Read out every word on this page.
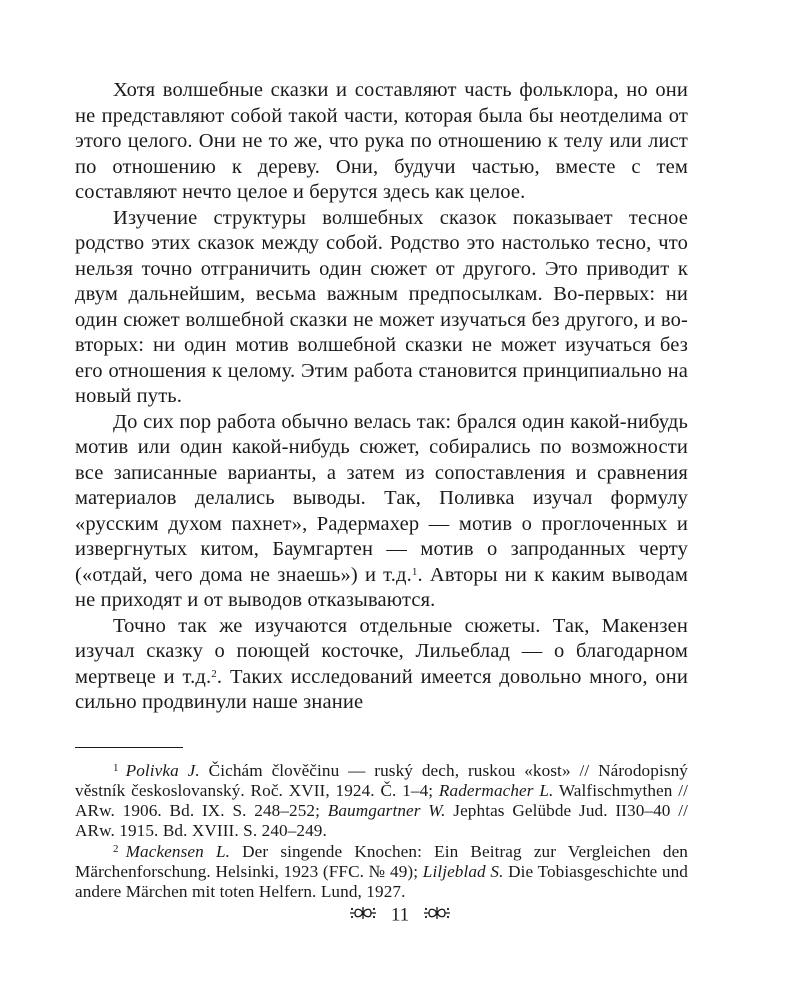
Хотя волшебные сказки и составляют часть фольклора, но они не представляют собой такой части, которая была бы неотделима от этого целого. Они не то же, что рука по отношению к телу или лист по отношению к дереву. Они, будучи частью, вместе с тем составляют нечто целое и берутся здесь как целое.

Изучение структуры волшебных сказок показывает тесное родство этих сказок между собой. Родство это настолько тесно, что нельзя точно отграничить один сюжет от другого. Это приводит к двум дальнейшим, весьма важным предпосылкам. Во-первых: ни один сюжет волшебной сказки не может изучаться без другого, и во-вторых: ни один мотив волшебной сказки не может изучаться без его отношения к целому. Этим работа становится принципиально на новый путь.

До сих пор работа обычно велась так: брался один какой-нибудь мотив или один какой-нибудь сюжет, собирались по возможности все записанные варианты, а затем из сопоставления и сравнения материалов делались выводы. Так, Поливка изучал формулу «русским духом пахнет», Радермахер — мотив о проглоченных и извергнутых китом, Баумгартен — мотив о запроданных черту («отдай, чего дома не знаешь») и т.д.$^1$. Авторы ни к каким выводам не приходят и от выводов отказываются.

Точно так же изучаются отдельные сюжеты. Так, Макензен изучал сказку о поющей косточке, Лильеблад — о благодарном мертвеце и т.д.$^2$. Таких исследований имеется довольно много, они сильно продвинули наше знание

$^1$ Polivka J. Čichám člověčinu — ruský dech, ruskou «kost» // Národopisný věstník českoslovanský. Roč. XVII, 1924. Č. 1–4; Radermacher L. Walfischmythen // ARw. 1906. Bd. IX. S. 248–252; Baumgartner W. Jephtas Gelübde Jud. II30–40 // ARw. 1915. Bd. XVIII. S. 240–249.

$^2$ Mackensen L. Der singende Knochen: Ein Beitrag zur Vergleichen den Märchenforschung. Helsinki, 1923 (FFC. № 49); Liljeblad S. Die Tobiasgeschichte und andere Märchen mit toten Helfern. Lund, 1927.

11
